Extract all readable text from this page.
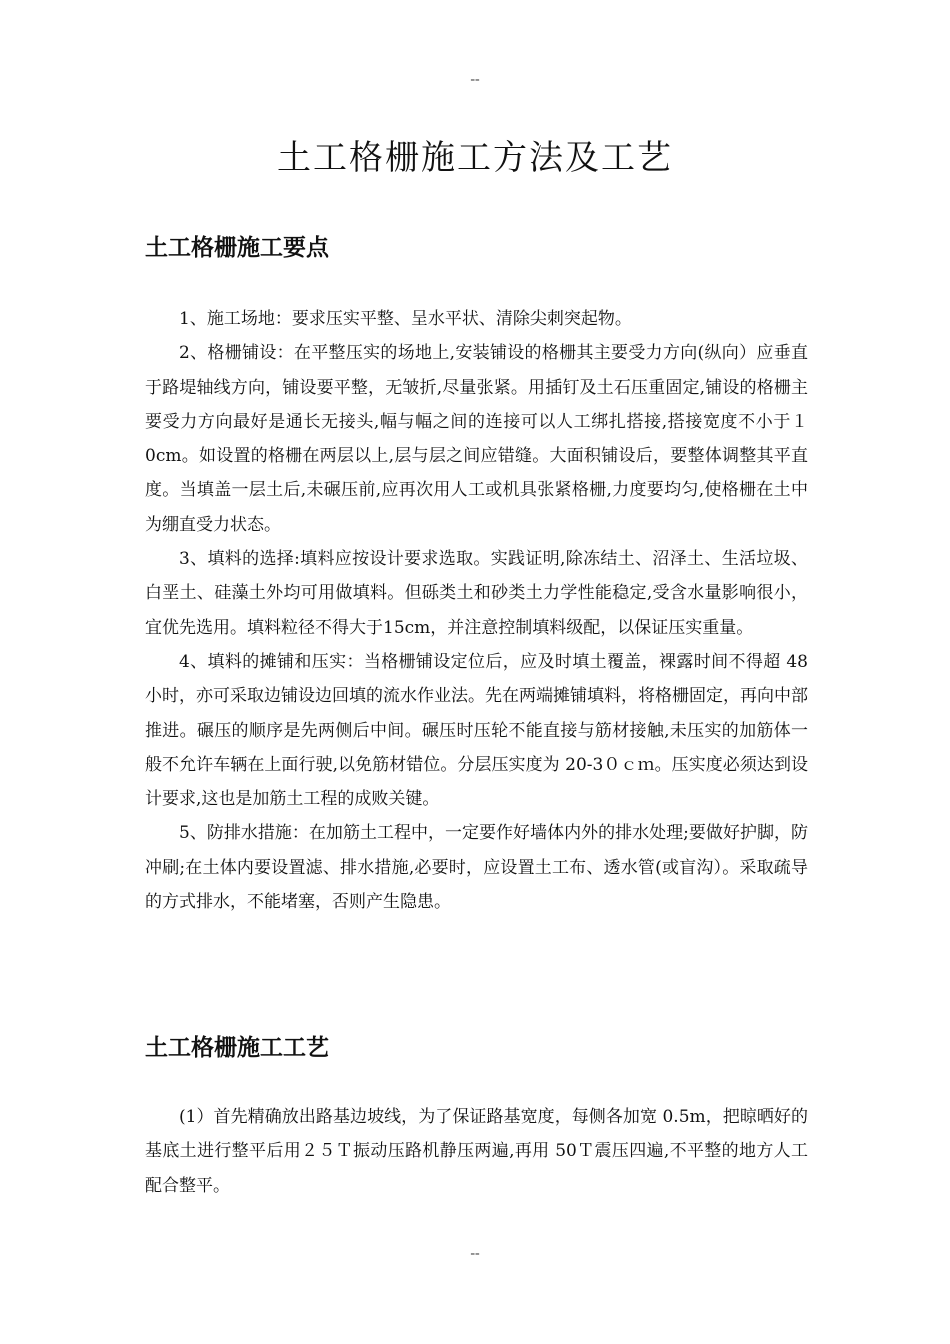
--
土工格栅施工方法及工艺
土工格栅施工要点

1、施工场地：要求压实平整、呈水平状、清除尖刺突起物。

2、格栅铺设：在平整压实的场地上,安装铺设的格栅其主要受力方向(纵向）应垂直于路堤轴线方向，铺设要平整，无皱折,尽量张紧。用插钉及土石压重固定,铺设的格栅主要受力方向最好是通长无接头,幅与幅之间的连接可以人工绑扎搭接,搭接宽度不小于１0cm。如设置的格栅在两层以上,层与层之间应错缝。大面积铺设后，要整体调整其平直度。当填盖一层土后,未碾压前,应再次用人工或机具张紧格栅,力度要均匀,使格栅在土中为绷直受力状态。

3、填料的选择:填料应按设计要求选取。实践证明,除冻结土、沼泽土、生活垃圾、白垩土、硅藻土外均可用做填料。但砾类土和砂类土力学性能稳定,受含水量影响很小，宜优先选用。填料粒径不得大于15cm，并注意控制填料级配，以保证压实重量。

4、填料的摊铺和压实：当格栅铺设定位后，应及时填土覆盖，裸露时间不得超 48 小时，亦可采取边铺设边回填的流水作业法。先在两端摊铺填料，将格栅固定，再向中部推进。碾压的顺序是先两侧后中间。碾压时压轮不能直接与筋材接触,未压实的加筋体一般不允许车辆在上面行驶,以免筋材错位。分层压实度为 20-3０ｃｍ。压实度必须达到设计要求,这也是加筋土工程的成败关键。

5、防排水措施：在加筋土工程中，一定要作好墙体内外的排水处理;要做好护脚，防冲刷;在土体内要设置滤、排水措施,必要时，应设置土工布、透水管(或盲沟）。采取疏导的方式排水，不能堵塞，否则产生隐患。

土工格栅施工工艺

(1）首先精确放出路基边坡线，为了保证路基宽度，每侧各加宽 0.5m，把晾晒好的基底土进行整平后用２５Ｔ振动压路机静压两遍,再用 50Ｔ震压四遍,不平整的地方人工配合整平。

--
